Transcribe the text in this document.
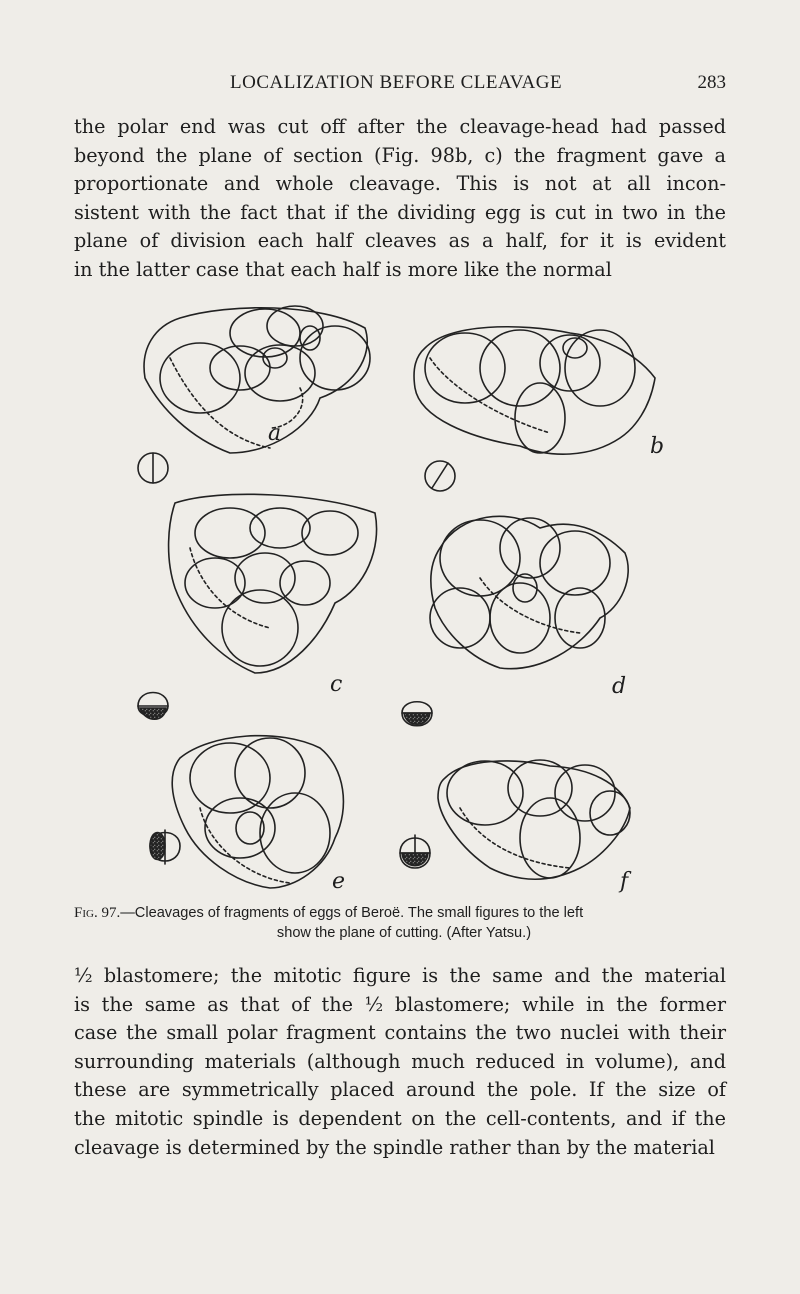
LOCALIZATION BEFORE CLEAVAGE	283
the polar end was cut off after the cleavage-head had passed
beyond the plane of section (Fig. 98b, c) the fragment gave a
proportionate and whole cleavage. This is not at all incon-
sistent with the fact that if the dividing egg is cut in two in the
plane of division each half cleaves as a half, for it is evident
in the latter case that each half is more like the normal
a
b
c	d
e	f
Fig. 97.—Cleavages of fragments of eggs of Beroë. The small figures to the left
show the plane of cutting. (After Yatsu.)
½ blastomere; the mitotic figure is the same and the material
is the same as that of the ½ blastomere; while in the former
case the small polar fragment contains the two nuclei with their
surrounding materials (although much reduced in volume), and
these are symmetrically placed around the pole. If the size of
the mitotic spindle is dependent on the cell-contents, and if the
cleavage is determined by the spindle rather than by the material
